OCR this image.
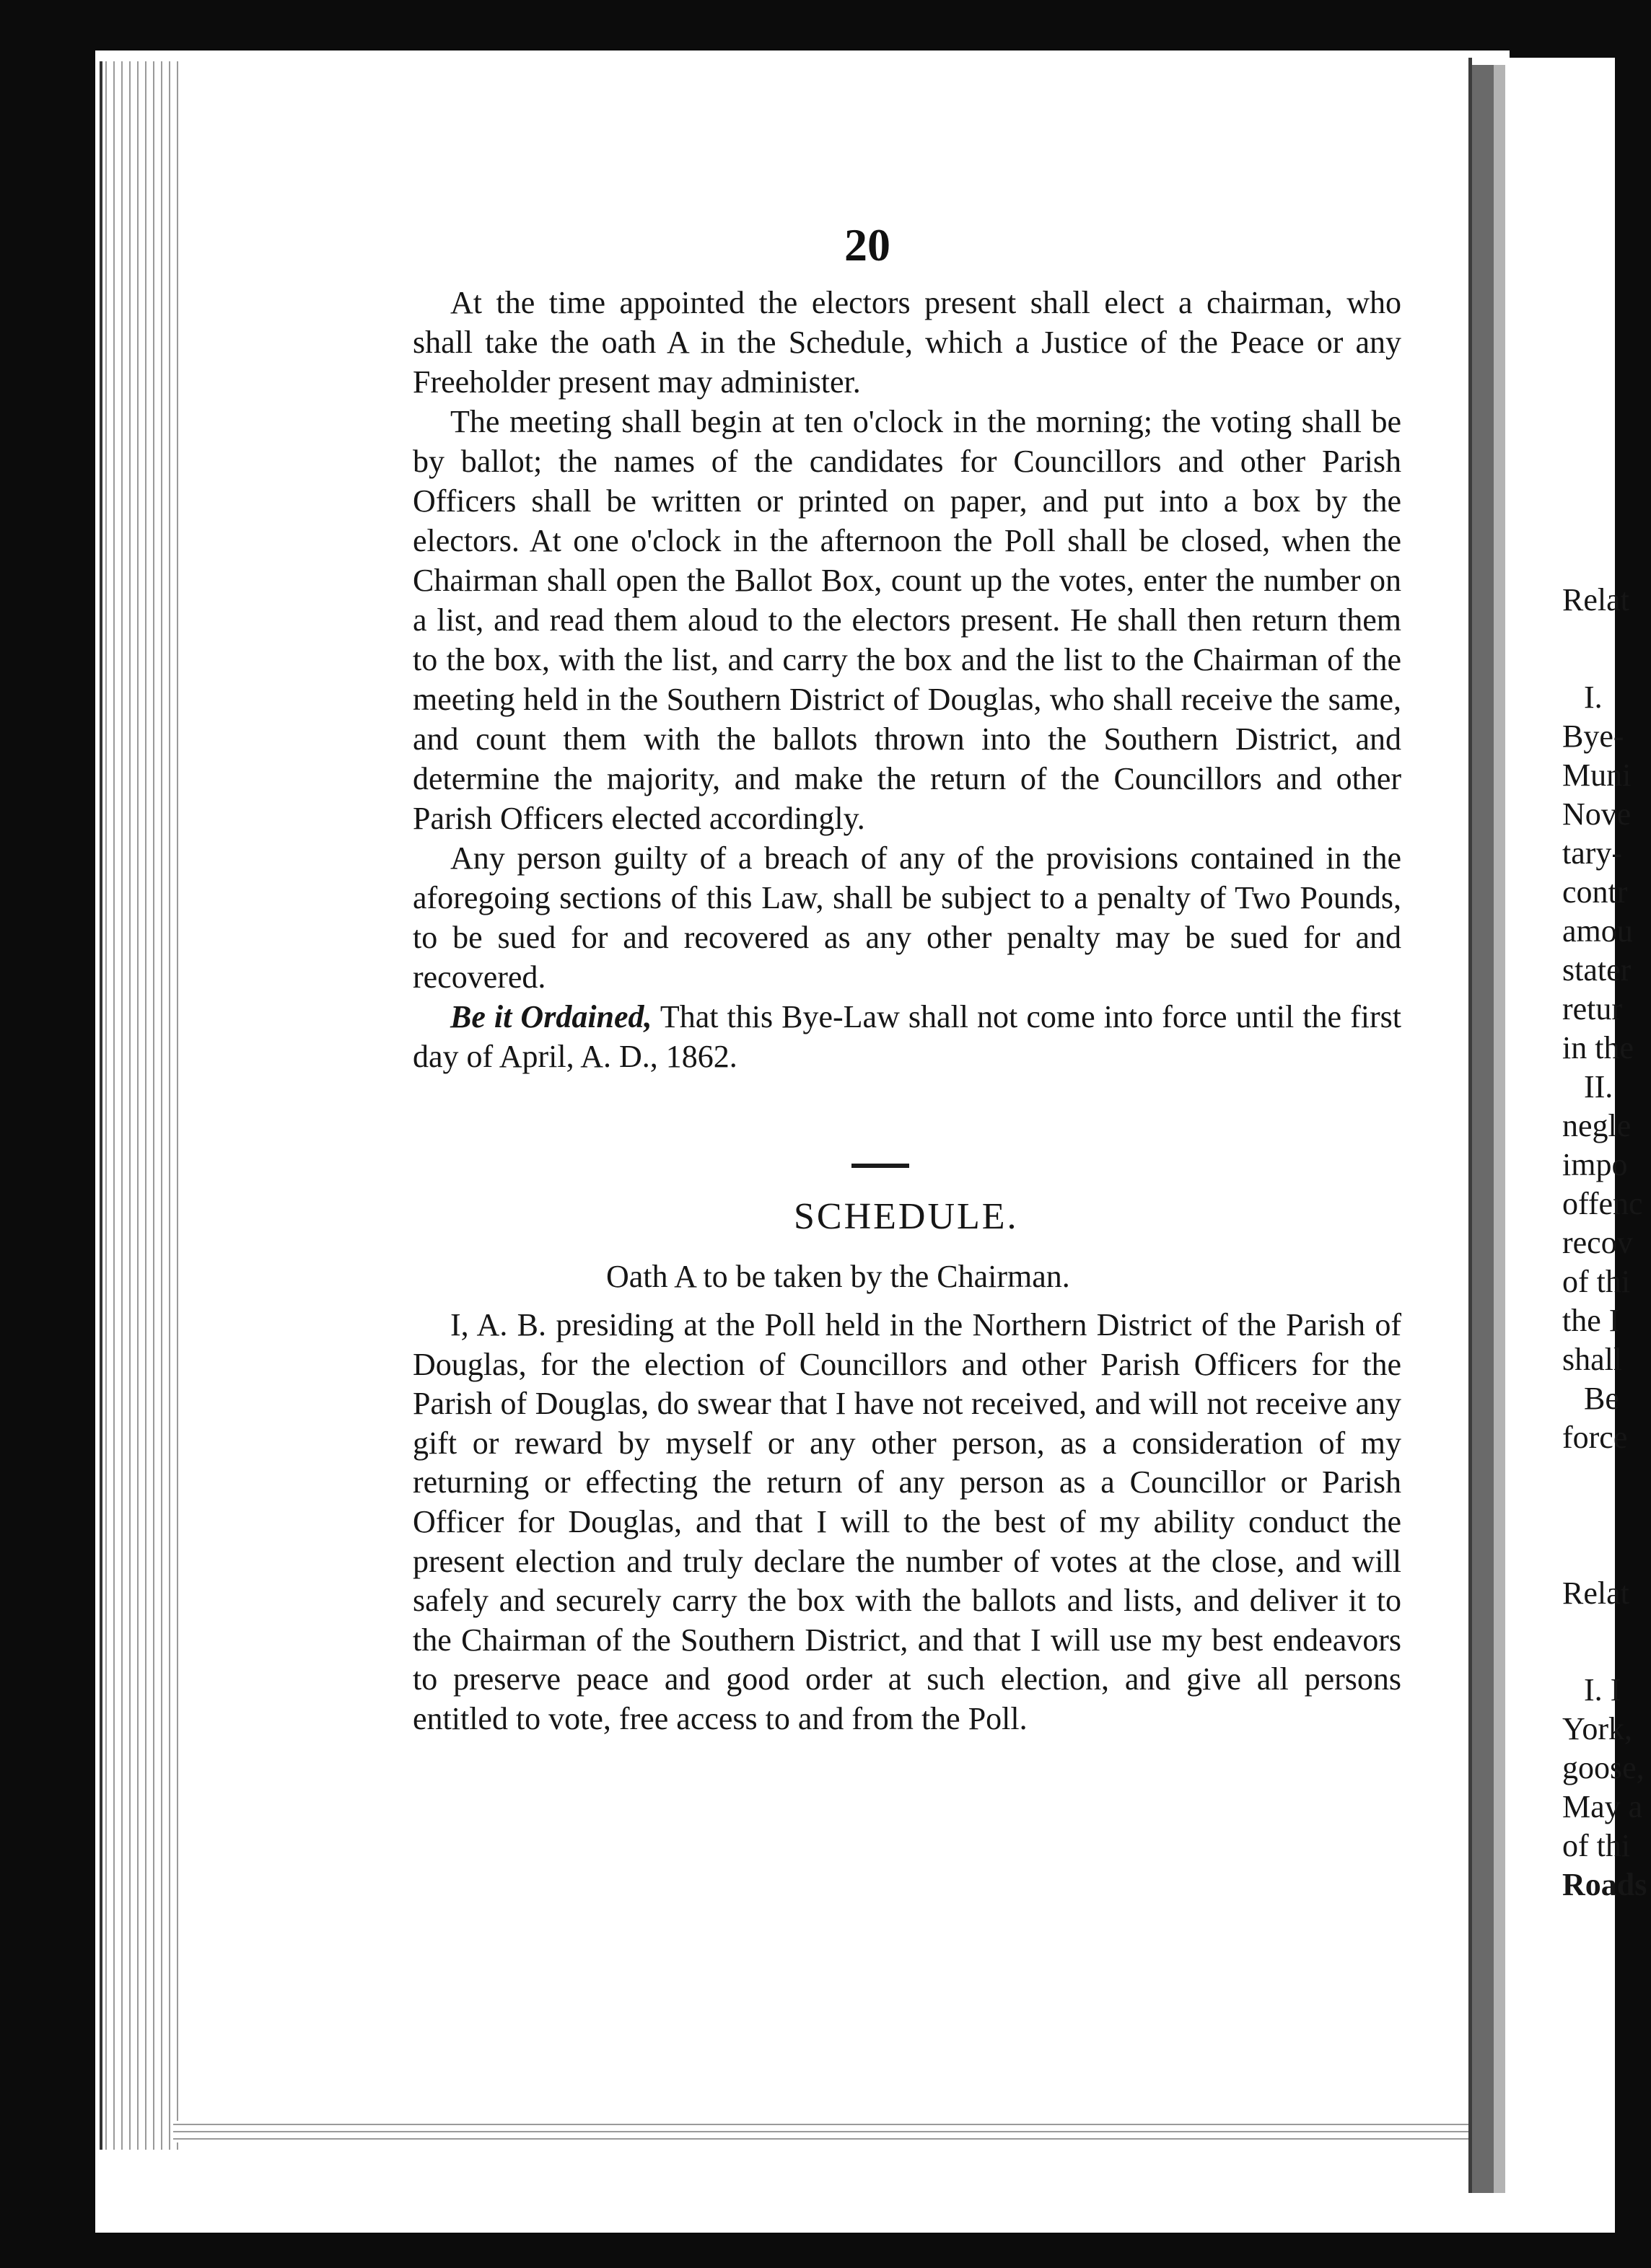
20

At the time appointed the electors present shall elect a chairman, who shall take the oath A in the Schedule, which a Justice of the Peace or any Freeholder present may administer.

The meeting shall begin at ten o'clock in the morning; the voting shall be by ballot; the names of the candidates for Councillors and other Parish Officers shall be written or printed on paper, and put into a box by the electors. At one o'clock in the afternoon the Poll shall be closed, when the Chairman shall open the Ballot Box, count up the votes, enter the number on a list, and read them aloud to the electors present. He shall then return them to the box, with the list, and carry the box and the list to the Chairman of the meeting held in the Southern District of Douglas, who shall receive the same, and count them with the ballots thrown into the Southern District, and determine the majority, and make the return of the Councillors and other Parish Officers elected accordingly.

Any person guilty of a breach of any of the provisions contained in the aforegoing sections of this Law, shall be subject to a penalty of Two Pounds, to be sued for and recovered as any other penalty may be sued for and recovered.

Be it Ordained, That this Bye-Law shall not come into force until the first day of April, A. D., 1862.

SCHEDULE.

Oath A to be taken by the Chairman.

I, A. B. presiding at the Poll held in the Northern District of the Parish of Douglas, for the election of Councillors and other Parish Officers for the Parish of Douglas, do swear that I have not received, and will not receive any gift or reward by myself or any other person, as a consideration of my returning or effecting the return of any person as a Councillor or Parish Officer for Douglas, and that I will to the best of my ability conduct the present election and truly declare the number of votes at the close, and will safely and securely carry the box with the ballots and lists, and deliver it to the Chairman of the Southern District, and that I will use my best endeavors to preserve peace and good order at such election, and give all persons entitled to vote, free access to and from the Poll.

Relat
I.
Bye-
Muni
Nove
tary-
contr
amou
stater
retur
in the
II.
negle
impo
offenc
recov
of thi
the I
shall
Be
force
Relat
I. I
York,
goose,
May a
of thi
Roads
